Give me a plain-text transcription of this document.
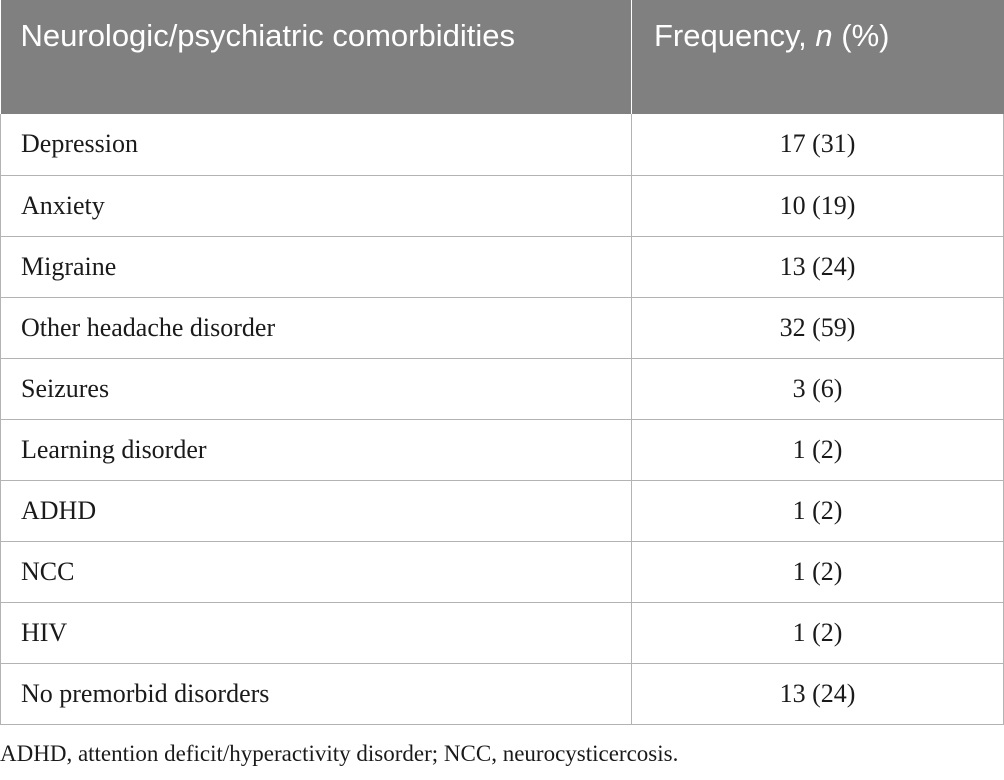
Neurologic/psychiatric comorbidities	Frequency, n (%)
Depression	17 (31)
Anxiety	10 (19)
Migraine	13 (24)
Other headache disorder	32 (59)
Seizures	3 (6)
Learning disorder	1 (2)
ADHD	1 (2)
NCC	1 (2)
HIV	1 (2)
No premorbid disorders	13 (24)
ADHD, attention deficit/hyperactivity disorder; NCC, neurocysticercosis.
